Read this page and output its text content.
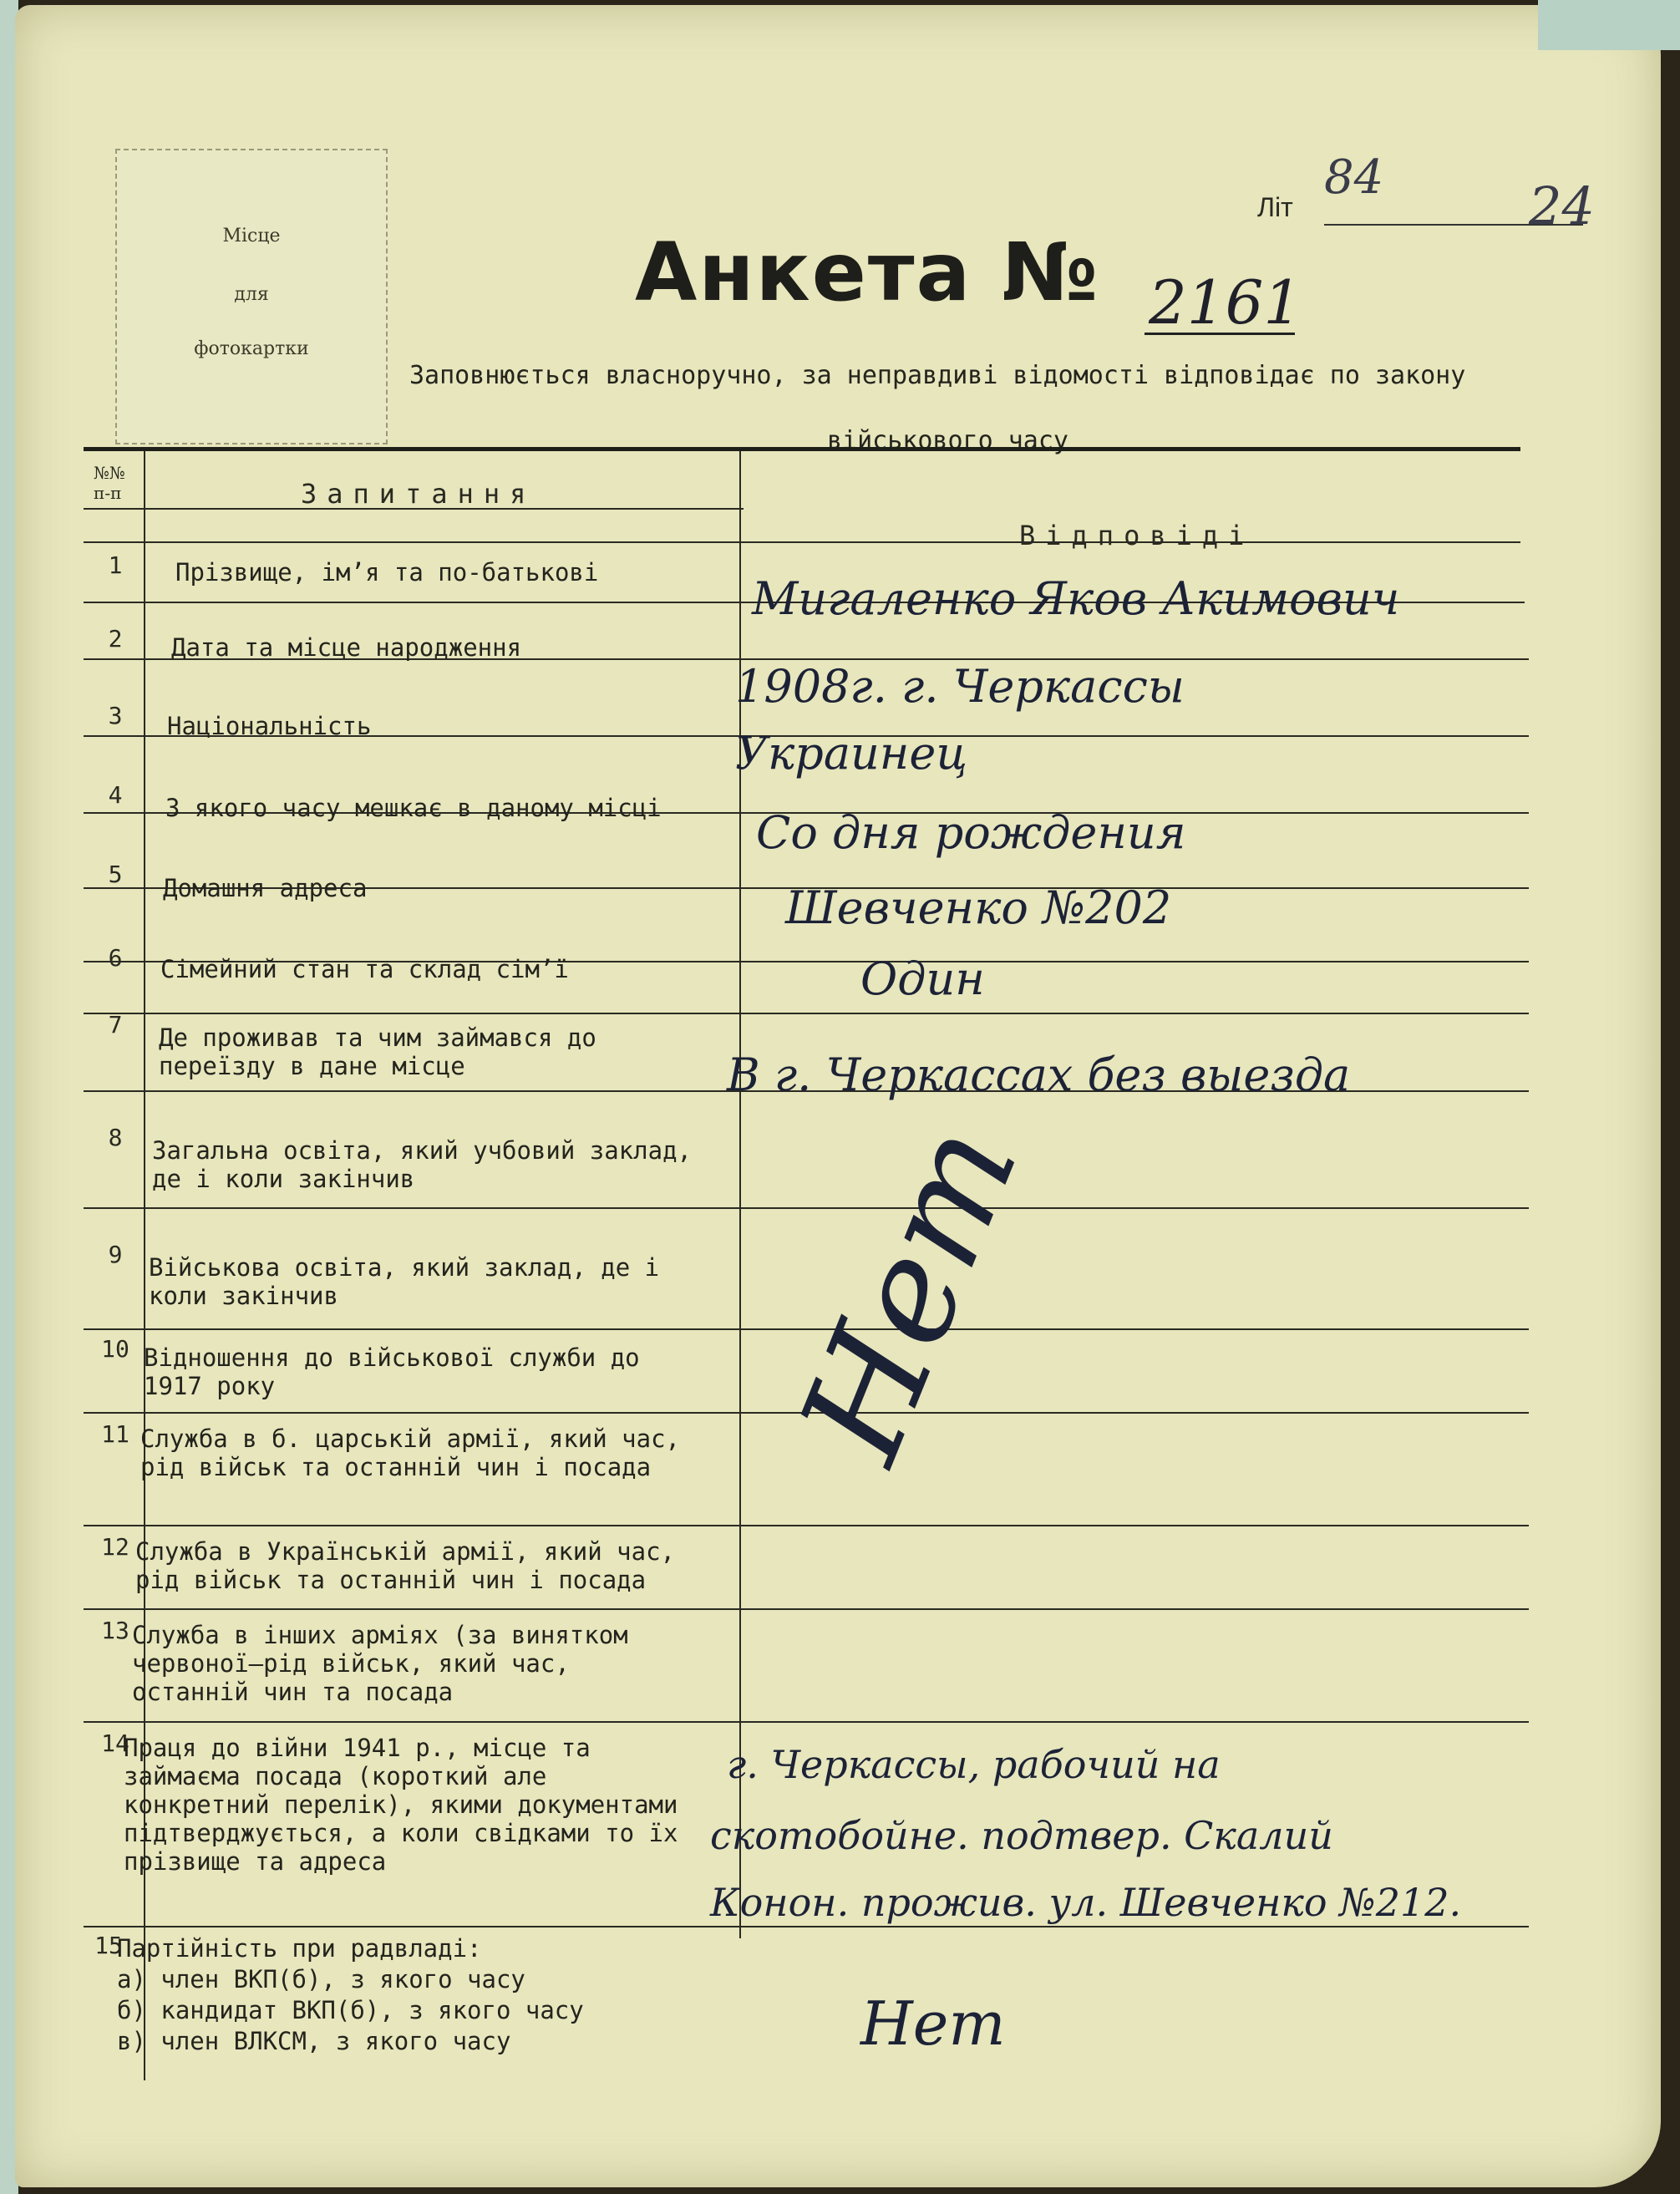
Місце
для
фотокартки
Літ
84	24
Анкета № 2161
Заповнюється власноручно, за неправдиві відомості відповідає по закону
військового часу
№№ п-п	Запитання
Відповіді
1
2
3
4
5
6
7
8
9
10
11
12
13
14
15
Прізвище, ім’я та по-батькові
Дата та місце народження
Національність
З якого часу мешкає в даному місці
Домашня адреса
Сімейний стан та склад сім’ї
Де проживав та чим займався до переїзду в дане місце
Загальна освіта, який учбовий заклад, де і коли закінчив
Військова освіта, який заклад, де і коли закінчив
Відношення до військової служби до 1917 року
Служба в б. царській армії, який час, рід військ та останній чин і посада
Служба в Українській армії, який час, рід військ та останній чин і посада
Служба в інших арміях (за винятком червоної—рід військ, який час, останній чин та посада
Праця до війни 1941 р., місце та займаєма посада (короткий але конкретний перелік), якими документами підтверджується, а коли свідками то їх прізвище та адреса
Партійність при радвладі:
а) член ВКП(б), з якого часу
б) кандидат ВКП(б), з якого часу
в) член ВЛКСМ, з якого часу
Мигаленко Яков Акимович
1908г. г. Черкассы
Украинец
Со дня рождения
Шевченко №202
Один
В г. Черкассах без выезда
Нет
г. Черкассы, рабочий на
скотобойне. подтвер. Скалий
Конон. прожив. ул. Шевченко №212.
Нет
